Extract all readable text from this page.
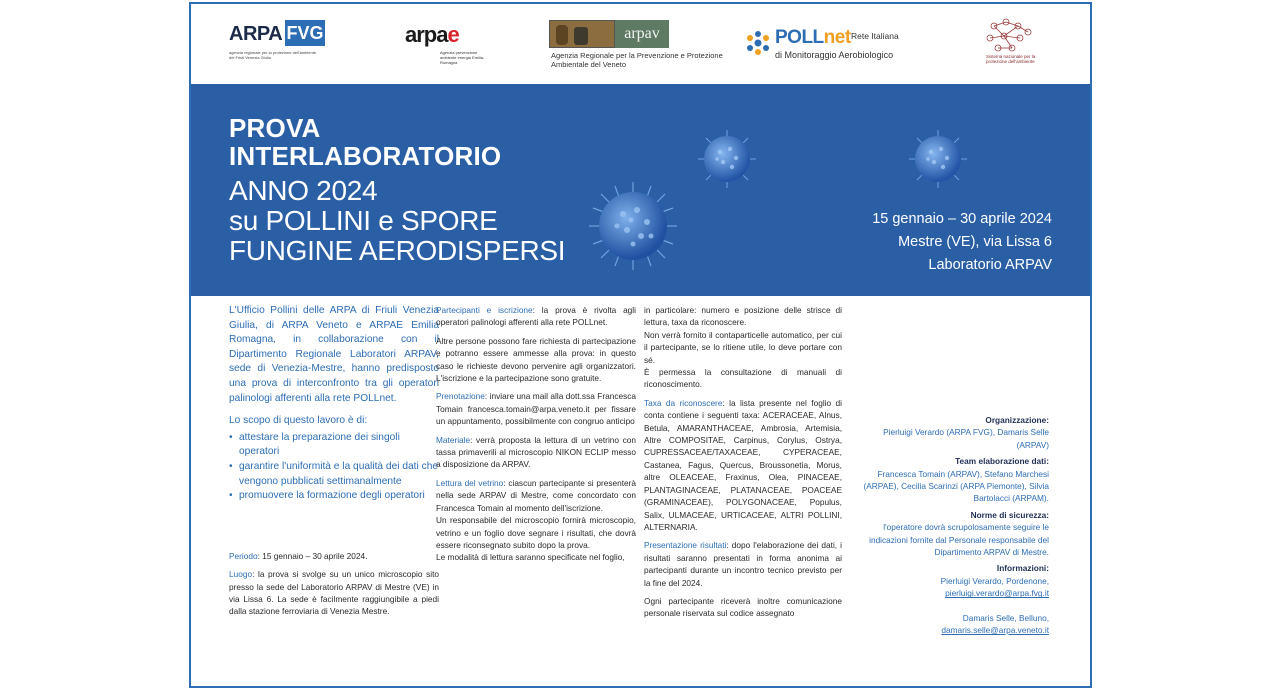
ARPA FVG
agenzia regionale per la protezione dell'ambiente del Friuli Venezia Giulia
arpae
Agenzia prevenzione ambiente energia Emilia-Romagna
arpav
Agenzia Regionale per la Prevenzione e Protezione Ambientale del Veneto
POLLnet Rete Italiana
di Monitoraggio Aerobiologico	Sistema nazionale per la protezione dell'ambiente
PROVA
INTERLABORATORIO
ANNO 2024
su POLLINI e SPORE
FUNGINE AERODISPERSI
15 gennaio – 30 aprile 2024
Mestre (VE), via Lissa 6
Laboratorio ARPAV

L'Ufficio Pollini delle ARPA di Friuli Venezia Giulia, di ARPA Veneto e ARPAE Emilia Romagna, in collaborazione con il Dipartimento Regionale Laboratori ARPAV, sede di Venezia-Mestre, hanno predisposto una prova di interconfronto tra gli operatori palinologi afferenti alla rete POLLnet.

Lo scopo di questo lavoro è di:
• attestare la preparazione dei singoli operatori
• garantire l'uniformità e la qualità dei dati che vengono pubblicati settimanalmente
• promuovere la formazione degli operatori

Periodo: 15 gennaio – 30 aprile 2024.

Luogo: la prova si svolge su un unico microscopio sito presso la sede del Laboratorio ARPAV di Mestre (VE) in via Lissa 6. La sede è facilmente raggiungibile a piedi dalla stazione ferroviaria di Venezia Mestre.

Partecipanti e iscrizione: la prova è rivolta agli operatori palinologi afferenti alla rete POLLnet.

Altre persone possono fare richiesta di partecipazione e potranno essere ammesse alla prova: in questo caso le richieste devono pervenire agli organizzatori. L'iscrizione e la partecipazione sono gratuite.

Prenotazione: inviare una mail alla dott.ssa Francesca Tomain francesca.tomain@arpa.veneto.it per fissare un appuntamento, possibilmente con congruo anticipo

Materiale: verrà proposta la lettura di un vetrino con tassa primaverili al microscopio NIKON ECLIP messo a disposizione da ARPAV.

Lettura del vetrino: ciascun partecipante si presenterà nella sede ARPAV di Mestre, come concordato con Francesca Tomain al momento dell'iscrizione.

Un responsabile del microscopio fornirà microscopio, vetrino e un foglio dove segnare i risultati, che dovrà essere riconsegnato subito dopo la prova.

Le modalità di lettura saranno specificate nel foglio,

in particolare: numero e posizione delle strisce di lettura, taxa da riconoscere.

Non verrà fornito il contaparticelle automatico, per cui il partecipante, se lo ritiene utile, lo deve portare con sé.

È permessa la consultazione di manuali di riconoscimento.

Taxa da riconoscere: la lista presente nel foglio di conta contiene i seguenti taxa: ACERACEAE, Alnus, Betula, AMARANTHACEAE, Ambrosia, Artemisia, Altre COMPOSITAE, Carpinus, Corylus, Ostrya, CUPRESSACEAE/TAXACEAE, CYPERACEAE, Castanea, Fagus, Quercus, Broussonetia, Morus, altre OLEACEAE, Fraxinus, Olea, PINACEAE, PLANTAGINACEAE, PLATANACEAE, POACEAE (GRAMINACEAE), POLYGONACEAE, Populus, Salix, ULMACEAE, URTICACEAE, ALTRI POLLINI, ALTERNARIA.

Presentazione risultati: dopo l'elaborazione dei dati, i risultati saranno presentati in forma anonima ai partecipanti durante un incontro tecnico previsto per la fine del 2024.

Ogni partecipante riceverà inoltre comunicazione personale riservata sul codice assegnato

Organizzazione:
Pierluigi Verardo (ARPA FVG), Damaris Selle (ARPAV)

Team elaborazione dati:
Francesca Tomain (ARPAV), Stefano Marchesi (ARPAE), Cecilia Scarinzi (ARPA Piemonte), Silvia Bartolacci (ARPAM).

Norme di sicurezza:
l'operatore dovrà scrupolosamente seguire le indicazioni fornite dal Personale responsabile del Dipartimento ARPAV di Mestre.

Informazioni:
Pierluigi Verardo, Pordenone,
pierluigi.verardo@arpa.fvg.it

Damaris Selle, Belluno,
damaris.selle@arpa.veneto.it
